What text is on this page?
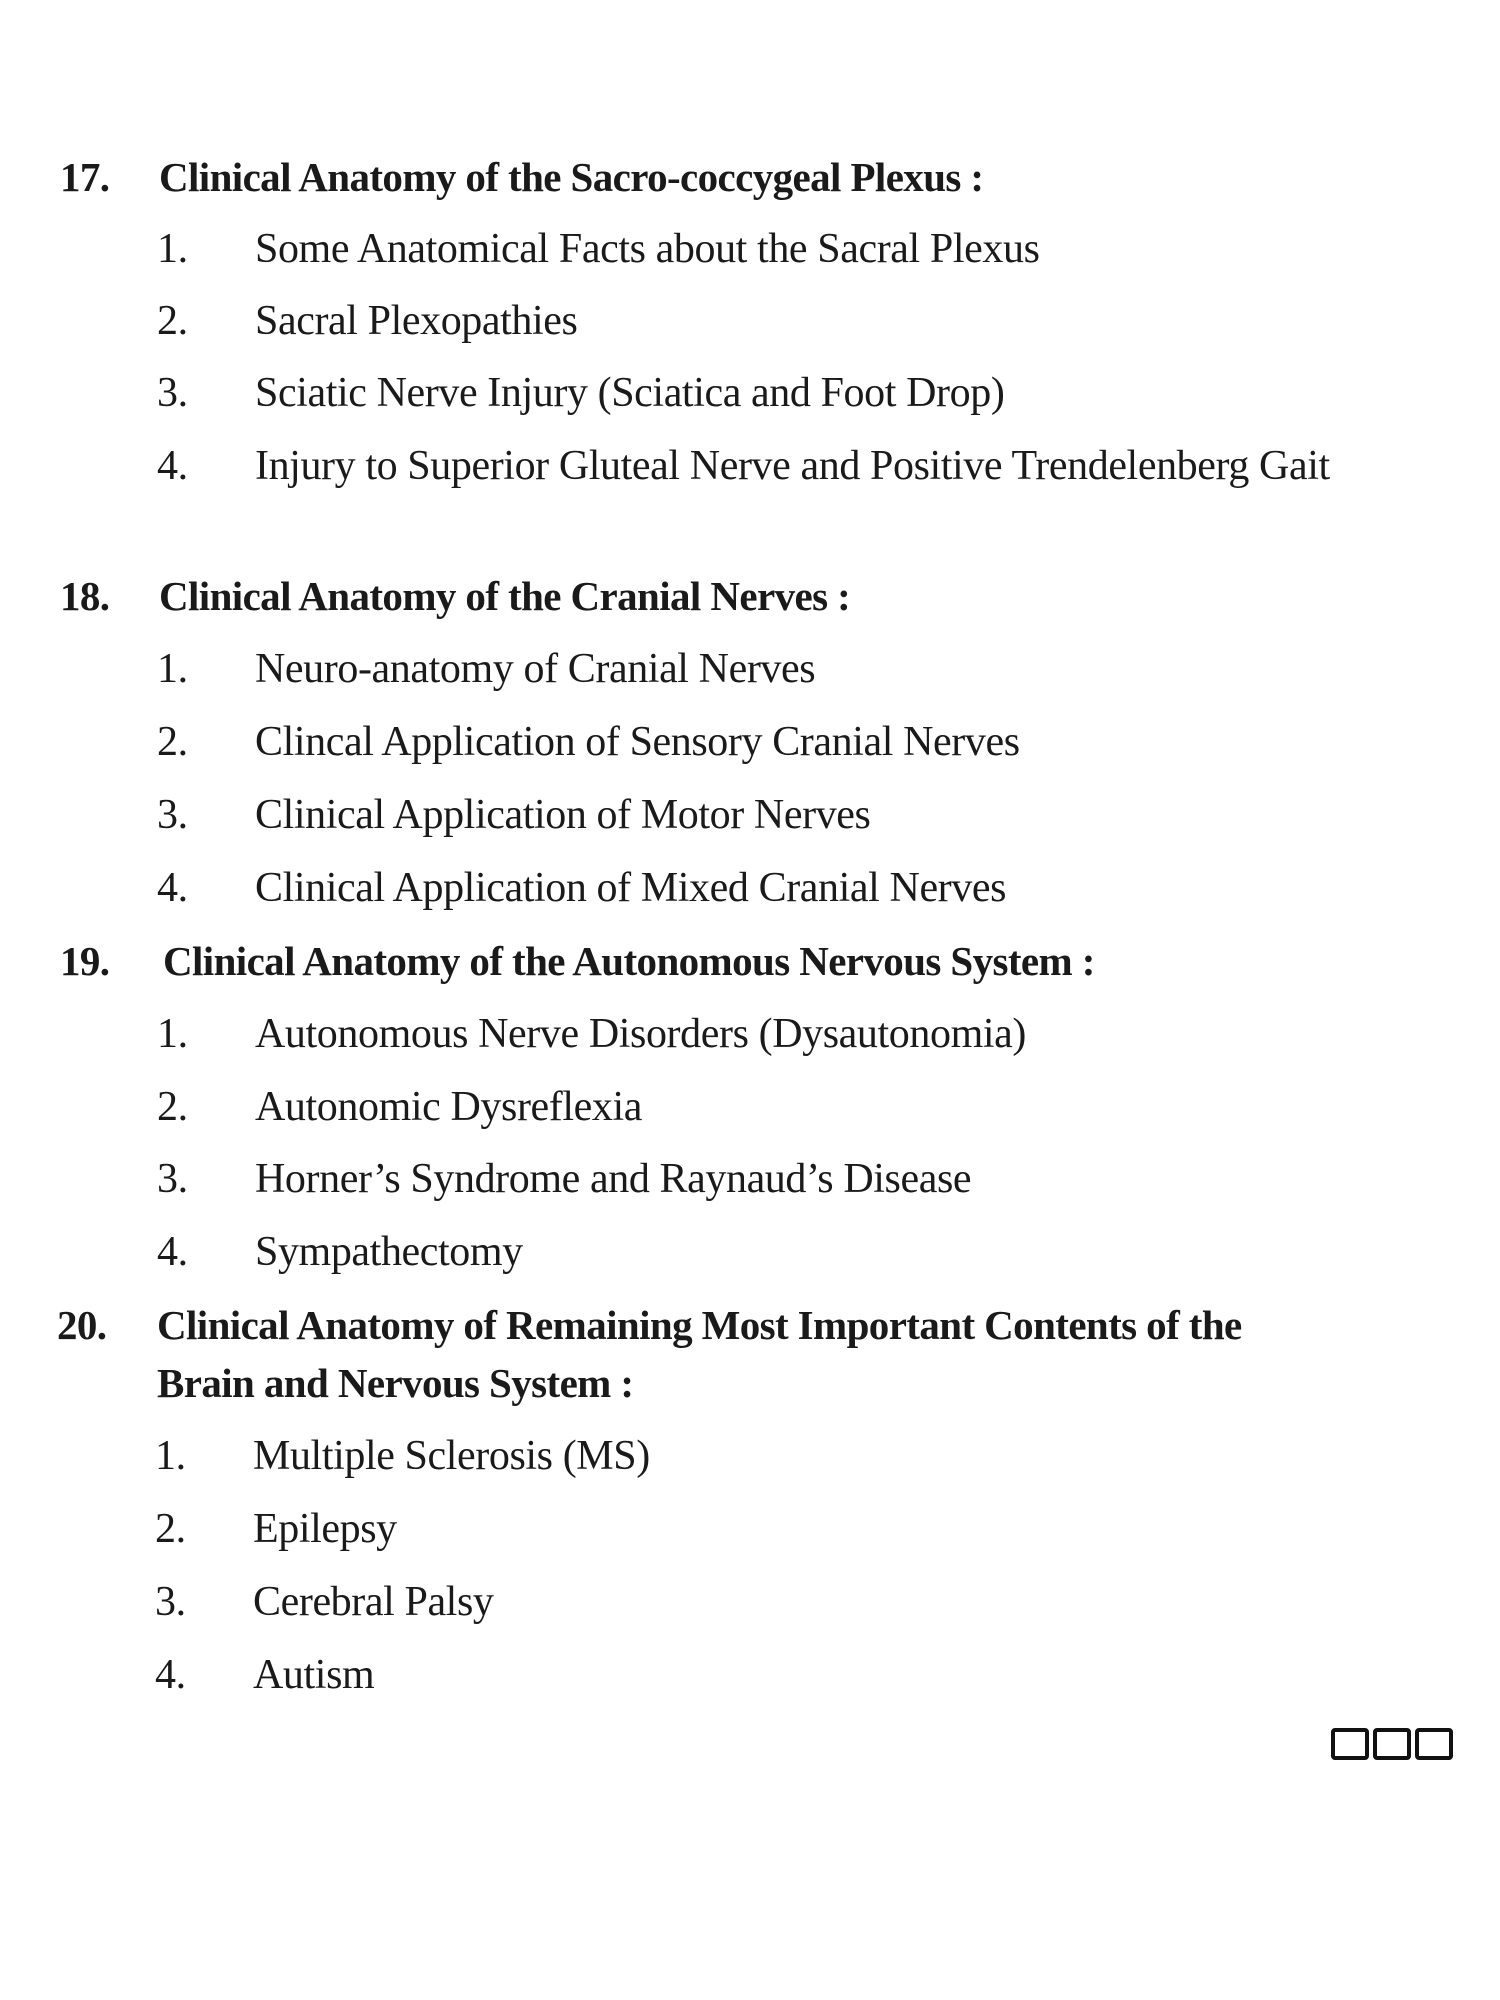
17. Clinical Anatomy of the Sacro-coccygeal Plexus :
1. Some Anatomical Facts about the Sacral Plexus
2. Sacral Plexopathies
3. Sciatic Nerve Injury (Sciatica and Foot Drop)
4. Injury to Superior Gluteal Nerve and Positive Trendelenberg Gait
18. Clinical Anatomy of the Cranial Nerves :
1. Neuro-anatomy of Cranial Nerves
2. Clincal Application of Sensory Cranial Nerves
3. Clinical Application of Motor Nerves
4. Clinical Application of Mixed Cranial Nerves
19. Clinical Anatomy of the Autonomous Nervous System :
1. Autonomous Nerve Disorders (Dysautonomia)
2. Autonomic Dysreflexia
3. Horner’s Syndrome and Raynaud’s Disease
4. Sympathectomy
20. Clinical Anatomy of Remaining Most Important Contents of the
Brain and Nervous System :
1. Multiple Sclerosis (MS)
2. Epilepsy
3. Cerebral Palsy
4. Autism
